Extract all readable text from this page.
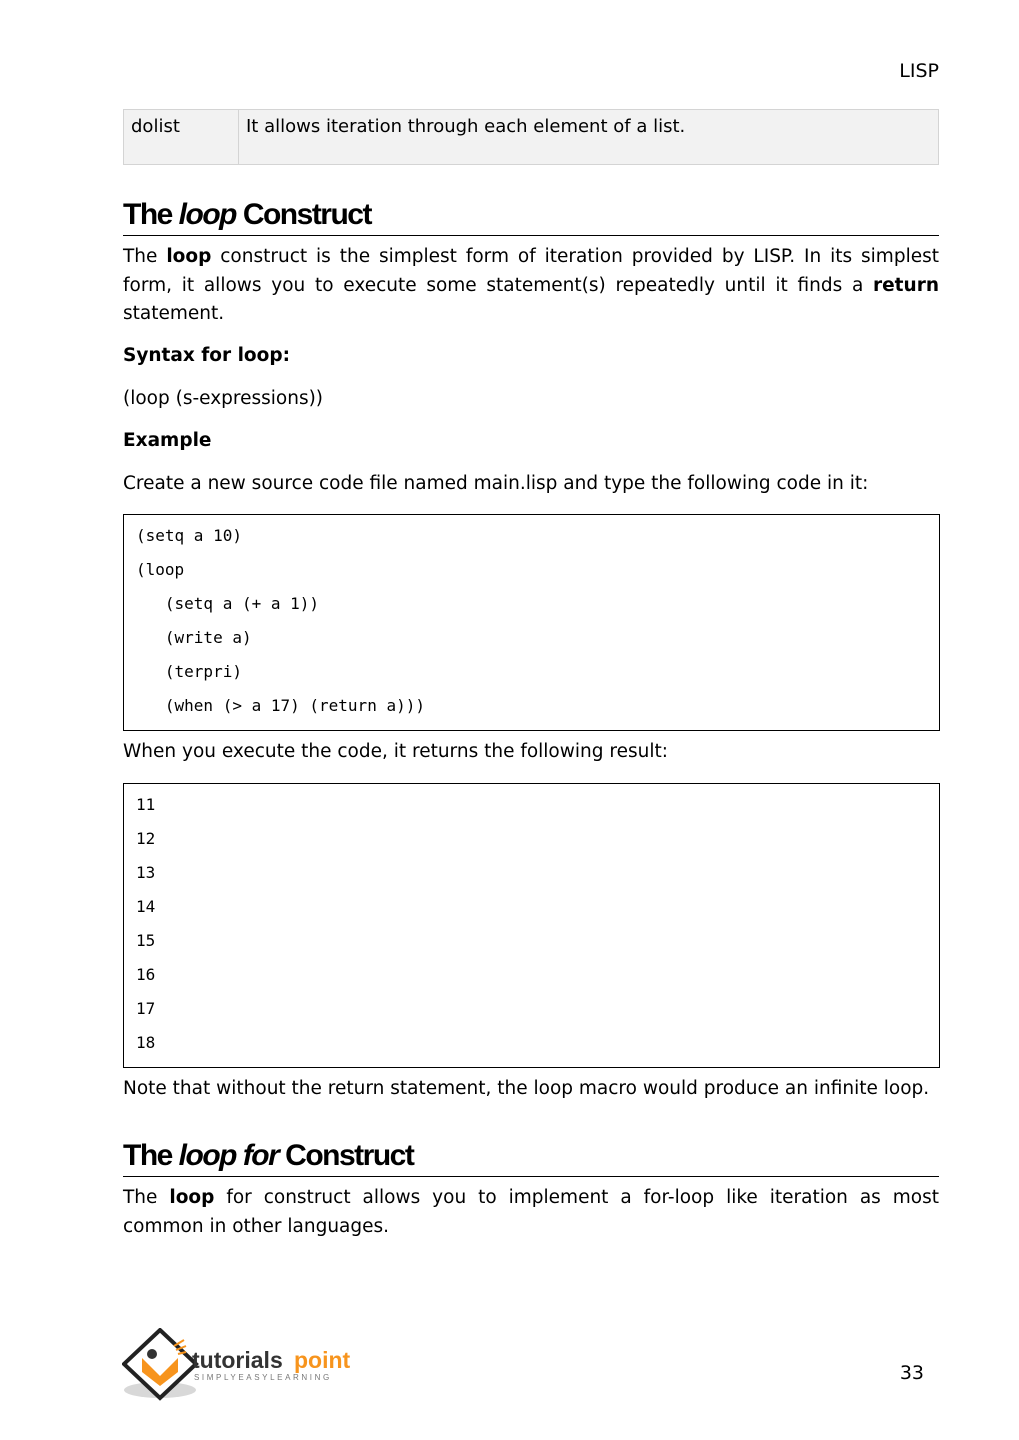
LISP
dolist	It allows iteration through each element of a list.
The loop Construct
The loop construct is the simplest form of iteration provided by LISP. In its simplest form, it allows you to execute some statement(s) repeatedly until it finds a return statement.
Syntax for loop:
(loop (s-expressions))
Example
Create a new source code file named main.lisp and type the following code in it:
(setq a 10)
(loop
(setq a (+ a 1))
(write a)
(terpri)
(when (> a 17) (return a)))
When you execute the code, it returns the following result:
11
12
13
14
15
16
17
18
Note that without the return statement, the loop macro would produce an infinite loop.
The loop for Construct
The loop for construct allows you to implement a for-loop like iteration as most common in other languages.
tutorials point
SIMPLYEASYLEARNING	33
